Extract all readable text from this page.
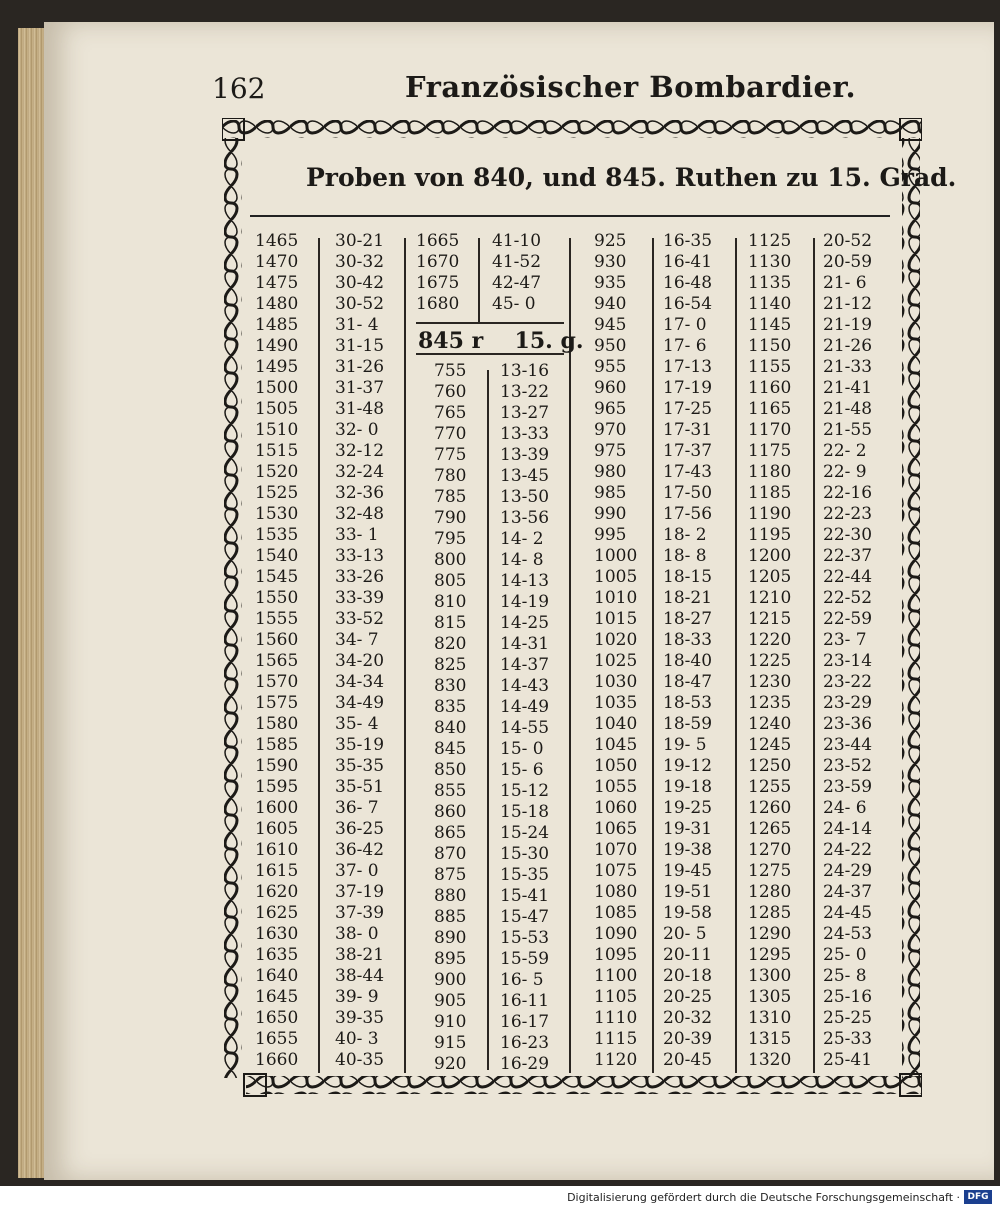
162	Französischer Bombardier.
Proben von 840, und 845. Ruthen zu 15. Grad.
845 r 15. g.
1465
1470
1475
1480
1485
1490
1495
1500
1505
1510
1515
1520
1525
1530
1535
1540
1545
1550
1555
1560
1565
1570
1575
1580
1585
1590
1595
1600
1605
1610
1615
1620
1625
1630
1635
1640
1645
1650
1655
1660
30-21
30-32
30-42
30-52
31- 4
31-15
31-26
31-37
31-48
32- 0
32-12
32-24
32-36
32-48
33- 1
33-13
33-26
33-39
33-52
34- 7
34-20
34-34
34-49
35- 4
35-19
35-35
35-51
36- 7
36-25
36-42
37- 0
37-19
37-39
38- 0
38-21
38-44
39- 9
39-35
40- 3
40-35
1665
1670
1675
1680
41-10
41-52
42-47
45- 0
755
760
765
770
775
780
785
790
795
800
805
810
815
820
825
830
835
840
845
850
855
860
865
870
875
880
885
890
895
900
905
910
915
920
13-16
13-22
13-27
13-33
13-39
13-45
13-50
13-56
14- 2
14- 8
14-13
14-19
14-25
14-31
14-37
14-43
14-49
14-55
15- 0
15- 6
15-12
15-18
15-24
15-30
15-35
15-41
15-47
15-53
15-59
16- 5
16-11
16-17
16-23
16-29
925
930
935
940
945
950
955
960
965
970
975
980
985
990
995
1000
1005
1010
1015
1020
1025
1030
1035
1040
1045
1050
1055
1060
1065
1070
1075
1080
1085
1090
1095
1100
1105
1110
1115
1120
16-35
16-41
16-48
16-54
17- 0
17- 6
17-13
17-19
17-25
17-31
17-37
17-43
17-50
17-56
18- 2
18- 8
18-15
18-21
18-27
18-33
18-40
18-47
18-53
18-59
19- 5
19-12
19-18
19-25
19-31
19-38
19-45
19-51
19-58
20- 5
20-11
20-18
20-25
20-32
20-39
20-45
1125
1130
1135
1140
1145
1150
1155
1160
1165
1170
1175
1180
1185
1190
1195
1200
1205
1210
1215
1220
1225
1230
1235
1240
1245
1250
1255
1260
1265
1270
1275
1280
1285
1290
1295
1300
1305
1310
1315
1320
20-52
20-59
21- 6
21-12
21-19
21-26
21-33
21-41
21-48
21-55
22- 2
22- 9
22-16
22-23
22-30
22-37
22-44
22-52
22-59
23- 7
23-14
23-22
23-29
23-36
23-44
23-52
23-59
24- 6
24-14
24-22
24-29
24-37
24-45
24-53
25- 0
25- 8
25-16
25-25
25-33
25-41
Digitalisierung gefördert durch die Deutsche Forschungsgemeinschaft · DFG
